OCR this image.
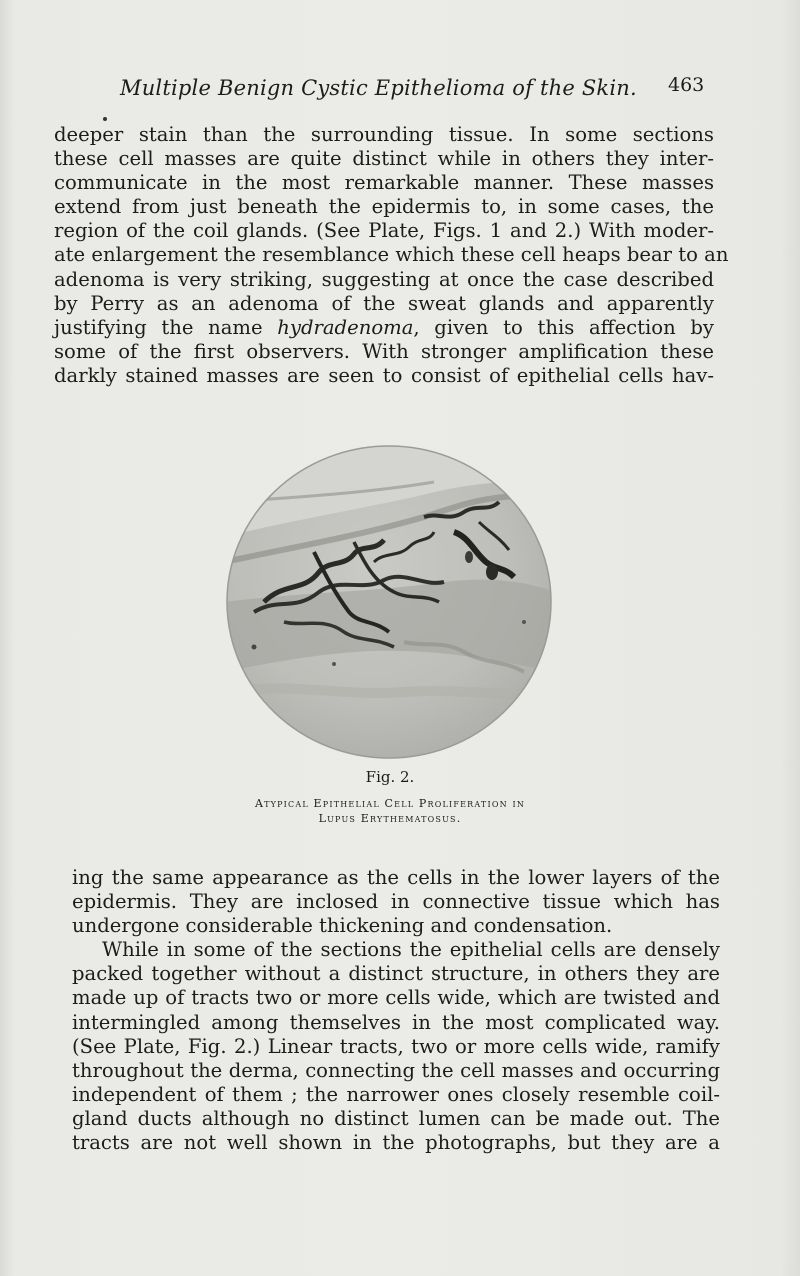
Multiple Benign Cystic Epithelioma of the Skin. 463
deeper stain than the surrounding tissue. In some sections
these cell masses are quite distinct while in others they inter-
communicate in the most remarkable manner. These masses
extend from just beneath the epidermis to, in some cases, the
region of the coil glands. (See Plate, Figs. 1 and 2.) With moder-
ate enlargement the resemblance which these cell heaps bear to an
adenoma is very striking, suggesting at once the case described
by Perry as an adenoma of the sweat glands and apparently
justifying the name hydradenoma, given to this affection by
some of the first observers. With stronger amplification these
darkly stained masses are seen to consist of epithelial cells hav-
Fig. 2.
Atypical Epithelial Cell Proliferation in
Lupus Erythematosus.
ing the same appearance as the cells in the lower layers of the
epidermis. They are inclosed in connective tissue which has
undergone considerable thickening and condensation.
While in some of the sections the epithelial cells are densely
packed together without a distinct structure, in others they are
made up of tracts two or more cells wide, which are twisted and
intermingled among themselves in the most complicated way.
(See Plate, Fig. 2.) Linear tracts, two or more cells wide, ramify
throughout the derma, connecting the cell masses and occurring
independent of them ; the narrower ones closely resemble coil-
gland ducts although no distinct lumen can be made out. The
tracts are not well shown in the photographs, but they are a
